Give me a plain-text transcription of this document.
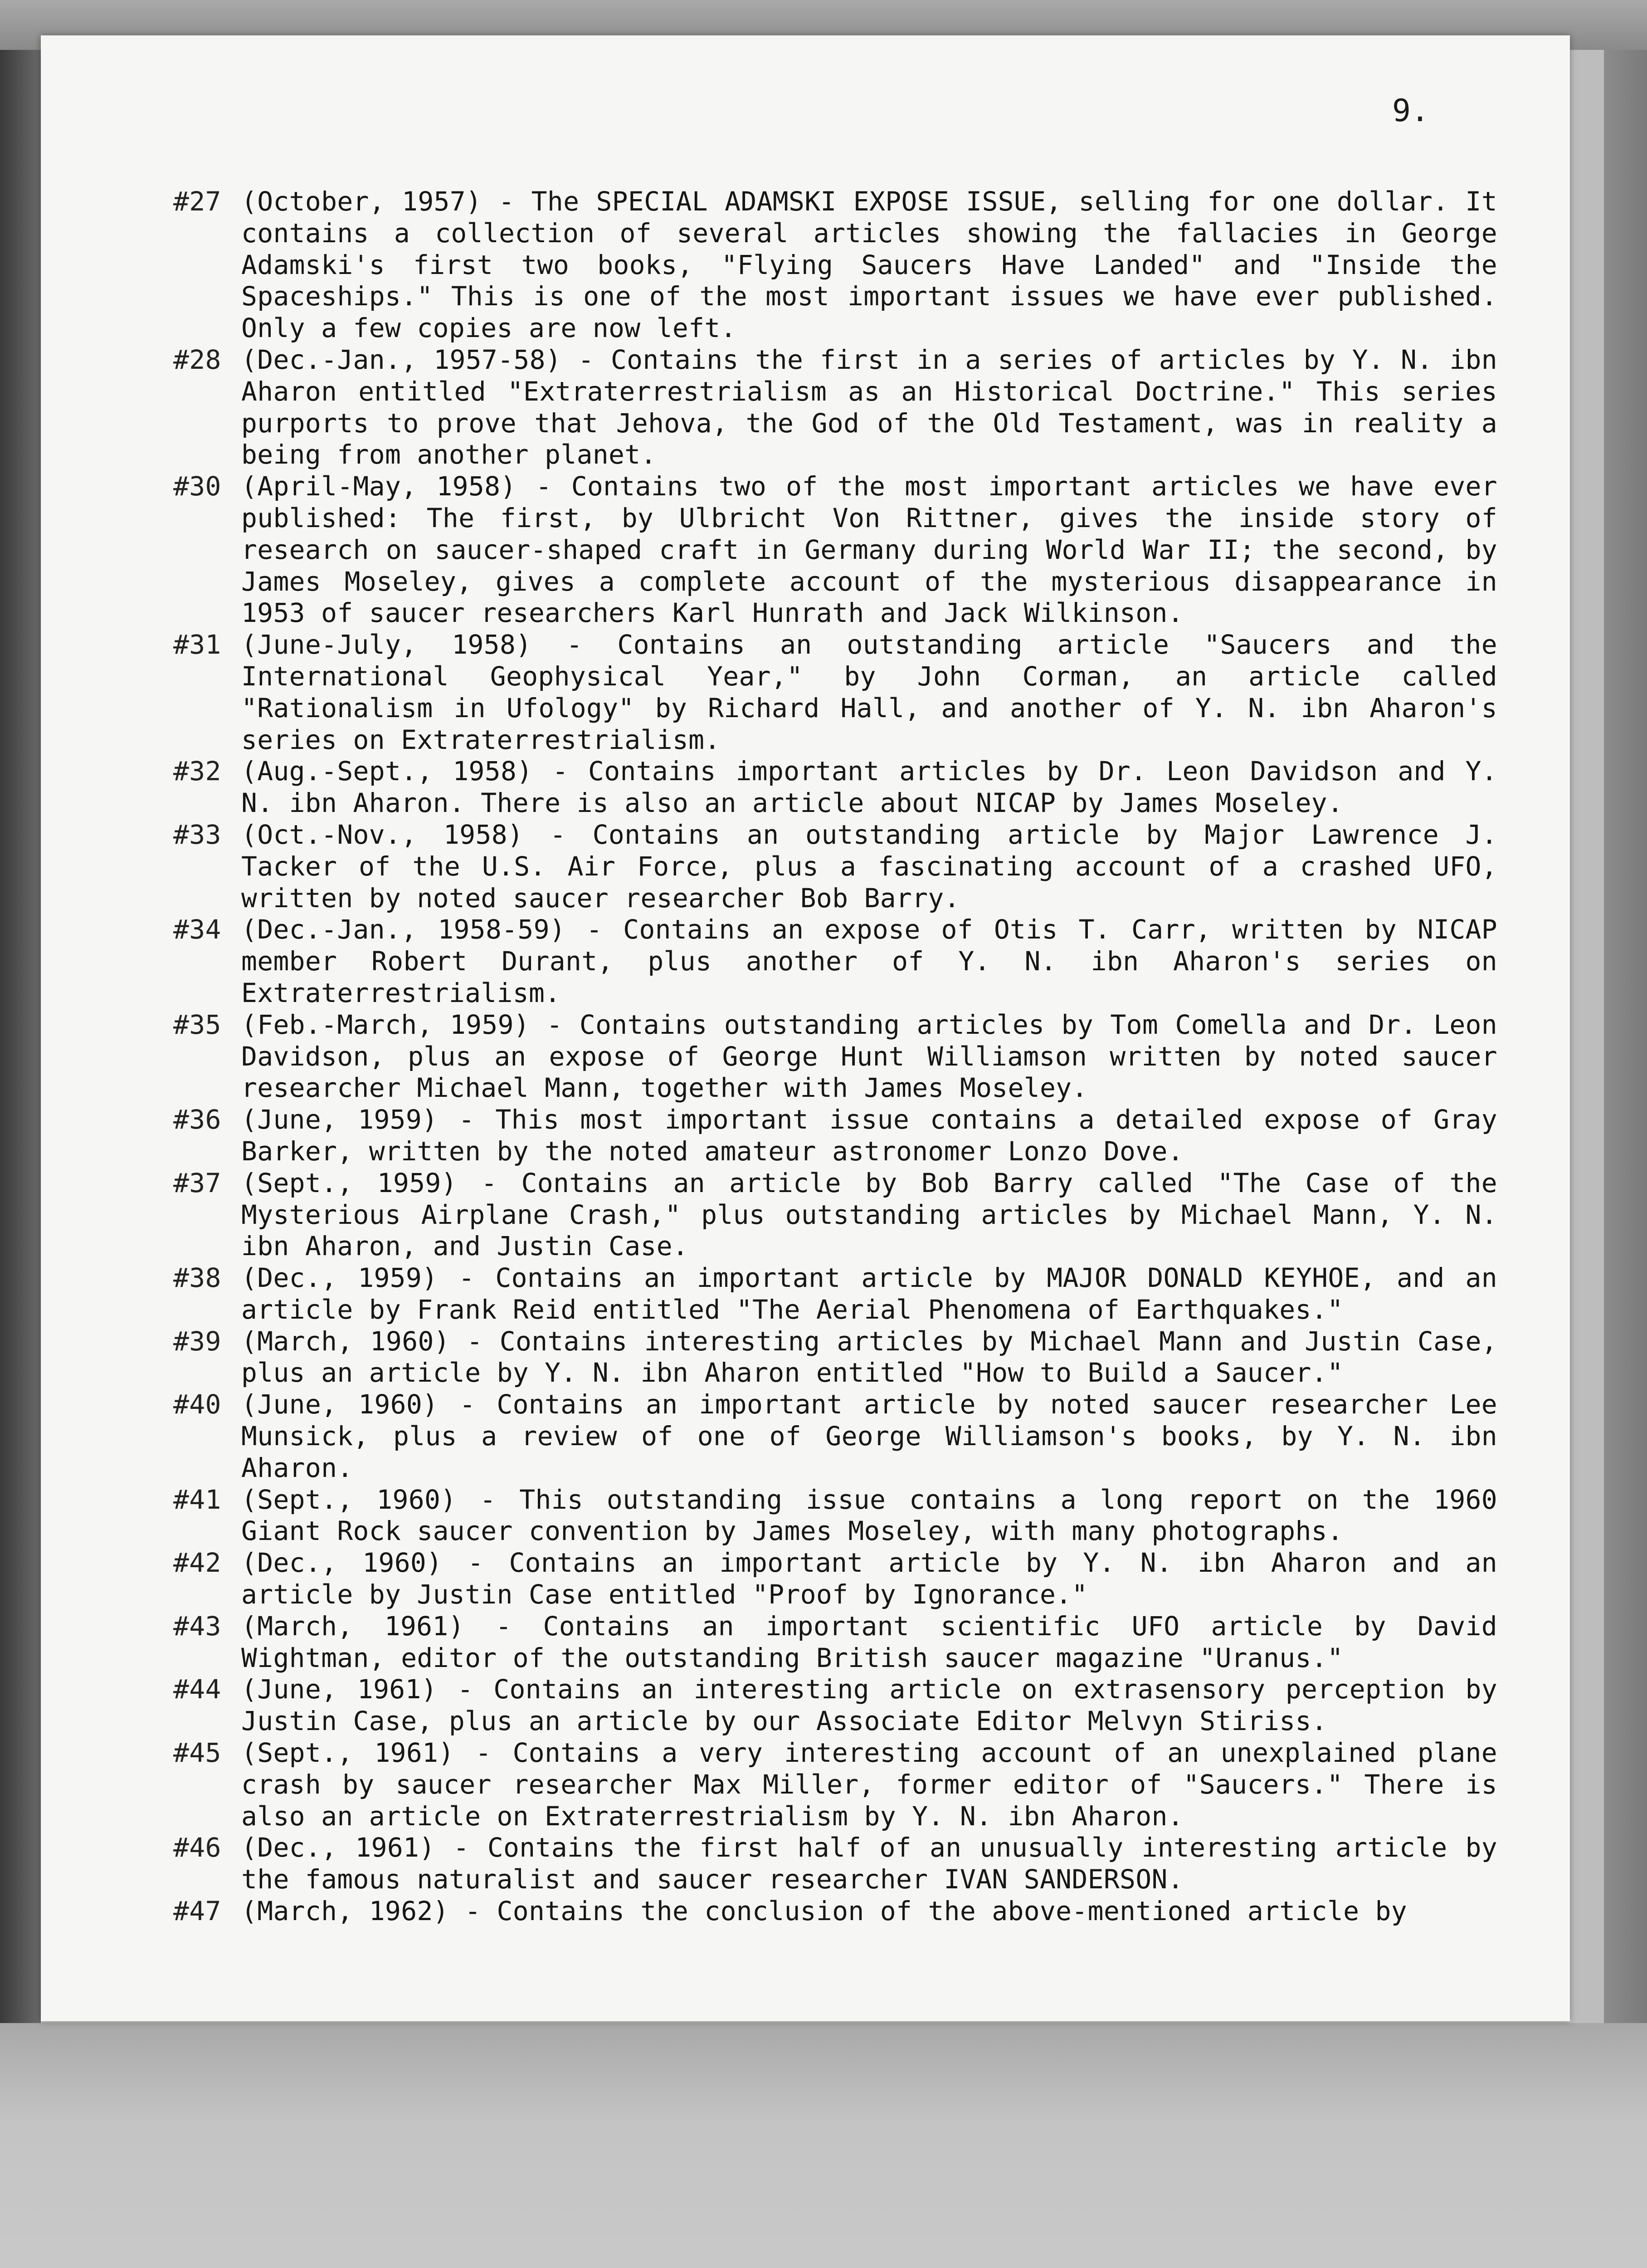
9.
#27 (October, 1957) - The SPECIAL ADAMSKI EXPOSE ISSUE, selling for one dollar. It contains a collection of several articles showing the fallacies in George Adamski's first two books, "Flying Saucers Have Landed" and "Inside the Spaceships." This is one of the most important issues we have ever published. Only a few copies are now left.
#28 (Dec.-Jan., 1957-58) - Contains the first in a series of articles by Y. N. ibn Aharon entitled "Extraterrestrialism as an Historical Doctrine." This series purports to prove that Jehova, the God of the Old Testament, was in reality a being from another planet.
#30 (April-May, 1958) - Contains two of the most important articles we have ever published: The first, by Ulbricht Von Rittner, gives the inside story of research on saucer-shaped craft in Germany during World War II; the second, by James Moseley, gives a complete account of the mysterious disappearance in 1953 of saucer researchers Karl Hunrath and Jack Wilkinson.
#31 (June-July, 1958) - Contains an outstanding article "Saucers and the International Geophysical Year," by John Corman, an article called "Rationalism in Ufology" by Richard Hall, and another of Y. N. ibn Aharon's series on Extraterrestrialism.
#32 (Aug.-Sept., 1958) - Contains important articles by Dr. Leon Davidson and Y. N. ibn Aharon. There is also an article about NICAP by James Moseley.
#33 (Oct.-Nov., 1958) - Contains an outstanding article by Major Lawrence J. Tacker of the U.S. Air Force, plus a fascinating account of a crashed UFO, written by noted saucer researcher Bob Barry.
#34 (Dec.-Jan., 1958-59) - Contains an expose of Otis T. Carr, written by NICAP member Robert Durant, plus another of Y. N. ibn Aharon's series on Extraterrestrialism.
#35 (Feb.-March, 1959) - Contains outstanding articles by Tom Comella and Dr. Leon Davidson, plus an expose of George Hunt Williamson written by noted saucer researcher Michael Mann, together with James Moseley.
#36 (June, 1959) - This most important issue contains a detailed expose of Gray Barker, written by the noted amateur astronomer Lonzo Dove.
#37 (Sept., 1959) - Contains an article by Bob Barry called "The Case of the Mysterious Airplane Crash," plus outstanding articles by Michael Mann, Y. N. ibn Aharon, and Justin Case.
#38 (Dec., 1959) - Contains an important article by MAJOR DONALD KEYHOE, and an article by Frank Reid entitled "The Aerial Phenomena of Earthquakes."
#39 (March, 1960) - Contains interesting articles by Michael Mann and Justin Case, plus an article by Y. N. ibn Aharon entitled "How to Build a Saucer."
#40 (June, 1960) - Contains an important article by noted saucer researcher Lee Munsick, plus a review of one of George Williamson's books, by Y. N. ibn Aharon.
#41 (Sept., 1960) - This outstanding issue contains a long report on the 1960 Giant Rock saucer convention by James Moseley, with many photographs.
#42 (Dec., 1960) - Contains an important article by Y. N. ibn Aharon and an article by Justin Case entitled "Proof by Ignorance."
#43 (March, 1961) - Contains an important scientific UFO article by David Wightman, editor of the outstanding British saucer magazine "Uranus."
#44 (June, 1961) - Contains an interesting article on extrasensory perception by Justin Case, plus an article by our Associate Editor Melvyn Stiriss.
#45 (Sept., 1961) - Contains a very interesting account of an unexplained plane crash by saucer researcher Max Miller, former editor of "Saucers." There is also an article on Extraterrestrialism by Y. N. ibn Aharon.
#46 (Dec., 1961) - Contains the first half of an unusually interesting article by the famous naturalist and saucer researcher IVAN SANDERSON.
#47 (March, 1962) - Contains the conclusion of the above-mentioned article by
